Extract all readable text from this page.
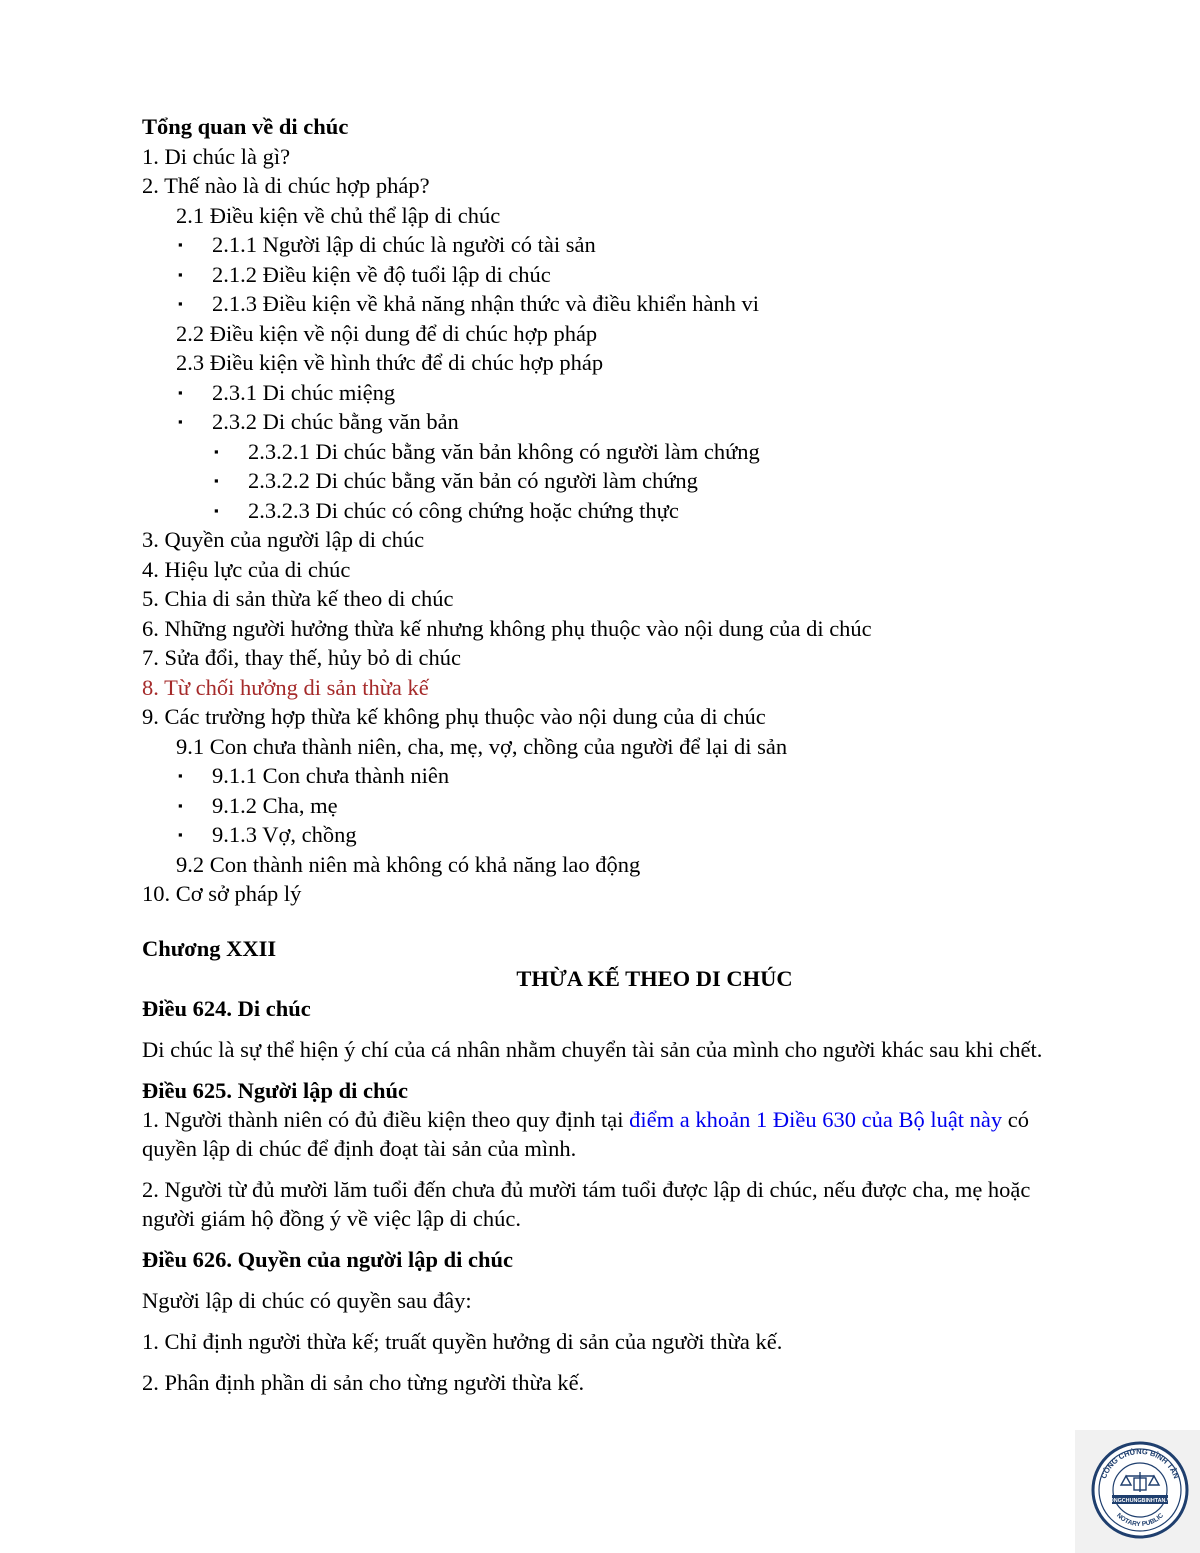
Tổng quan về di chúc
1. Di chúc là gì?
2. Thế nào là di chúc hợp pháp?
2.1 Điều kiện về chủ thể lập di chúc
▪ 2.1.1 Người lập di chúc là người có tài sản
▪ 2.1.2 Điều kiện về độ tuổi lập di chúc
▪ 2.1.3 Điều kiện về khả năng nhận thức và điều khiển hành vi
2.2 Điều kiện về nội dung để di chúc hợp pháp
2.3 Điều kiện về hình thức để di chúc hợp pháp
▪ 2.3.1 Di chúc miệng
▪ 2.3.2 Di chúc bằng văn bản
▪ 2.3.2.1 Di chúc bằng văn bản không có người làm chứng
▪ 2.3.2.2 Di chúc bằng văn bản có người làm chứng
▪ 2.3.2.3 Di chúc có công chứng hoặc chứng thực
3. Quyền của người lập di chúc
4. Hiệu lực của di chúc
5. Chia di sản thừa kế theo di chúc
6. Những người hưởng thừa kế nhưng không phụ thuộc vào nội dung của di chúc
7. Sửa đổi, thay thế, hủy bỏ di chúc
8. Từ chối hưởng di sản thừa kế
9. Các trường hợp thừa kế không phụ thuộc vào nội dung của di chúc
9.1 Con chưa thành niên, cha, mẹ, vợ, chồng của người để lại di sản
▪ 9.1.1 Con chưa thành niên
▪ 9.1.2 Cha, mẹ
▪ 9.1.3 Vợ, chồng
9.2 Con thành niên mà không có khả năng lao động
10. Cơ sở pháp lý
Chương XXII
THỪA KẾ THEO DI CHÚC
Điều 624. Di chúc
Di chúc là sự thể hiện ý chí của cá nhân nhằm chuyển tài sản của mình cho người khác sau khi chết.
Điều 625. Người lập di chúc
1. Người thành niên có đủ điều kiện theo quy định tại điểm a khoản 1 Điều 630 của Bộ luật này có quyền lập di chúc để định đoạt tài sản của mình.
2. Người từ đủ mười lăm tuổi đến chưa đủ mười tám tuổi được lập di chúc, nếu được cha, mẹ hoặc người giám hộ đồng ý về việc lập di chúc.
Điều 626. Quyền của người lập di chúc
Người lập di chúc có quyền sau đây:
1. Chỉ định người thừa kế; truất quyền hưởng di sản của người thừa kế.
2. Phân định phần di sản cho từng người thừa kế.
CÔNG CHỨNG BÌNH TÂN
NOTARY PUBLIC
CONGCHUNGBINHTAN.VN
